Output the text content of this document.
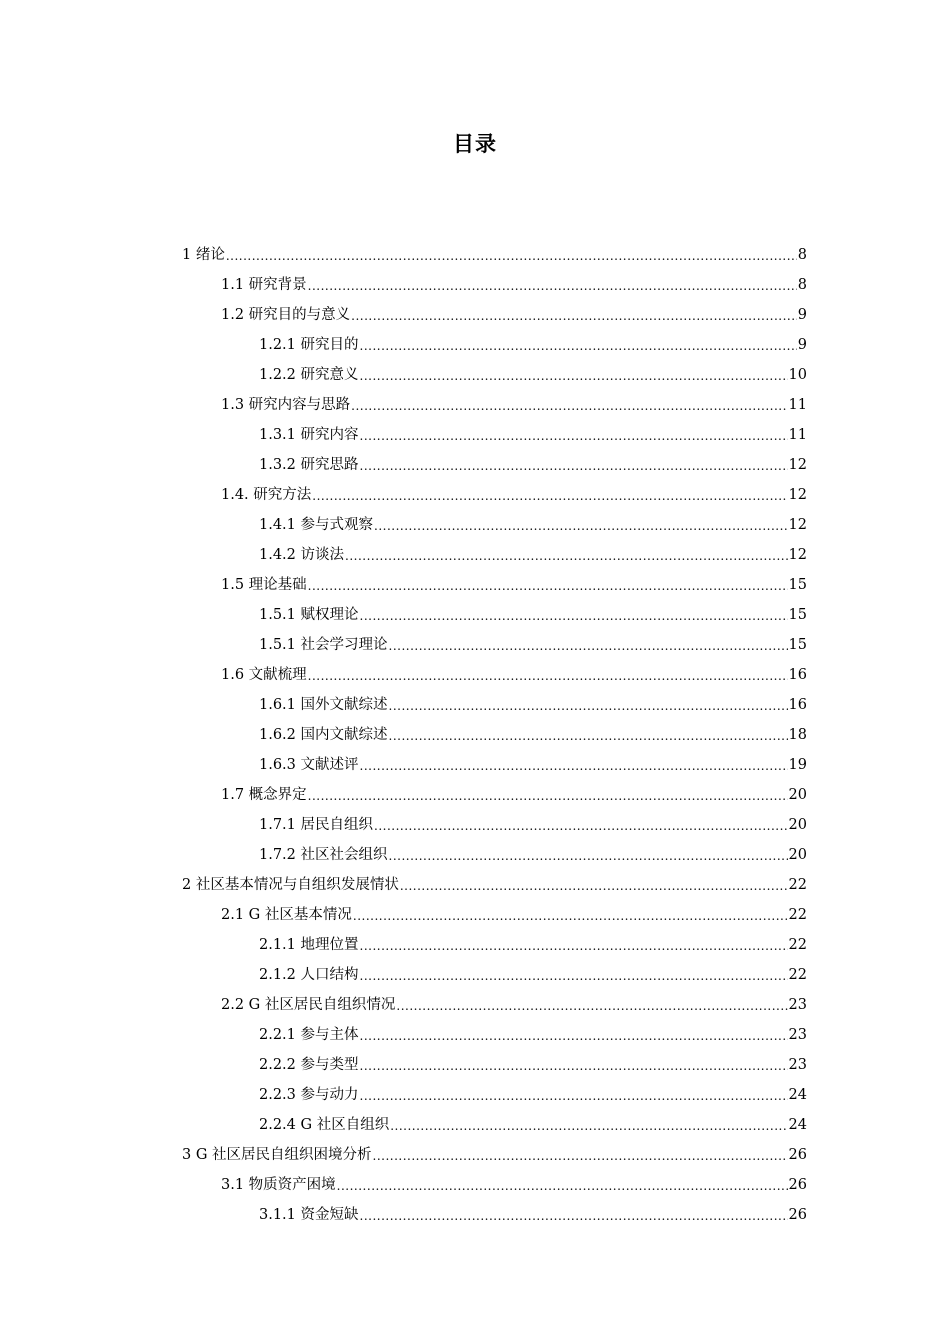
目录
1 绪论 .....	8
1.1 研究背景 .....	8
1.2 研究目的与意义 .....	9
1.2.1 研究目的 .....	9
1.2.2 研究意义 .....	10
1.3 研究内容与思路 .....	11
1.3.1 研究内容 .....	11
1.3.2 研究思路 .....	12
1.4. 研究方法 .....	12
1.4.1 参与式观察 .....	12
1.4.2 访谈法 .....	12
1.5 理论基础 .....	15
1.5.1 赋权理论 .....	15
1.5.1 社会学习理论 .....	15
1.6 文献梳理 .....	16
1.6.1 国外文献综述 .....	16
1.6.2 国内文献综述 .....	18
1.6.3 文献述评 .....	19
1.7 概念界定 .....	20
1.7.1 居民自组织 .....	20
1.7.2 社区社会组织 .....	20
2 社区基本情况与自组织发展情状 .....	22
2.1 G 社区基本情况 .....	22
2.1.1 地理位置 .....	22
2.1.2 人口结构 .....	22
2.2 G 社区居民自组织情况 .....	23
2.2.1 参与主体 .....	23
2.2.2 参与类型 .....	23
2.2.3 参与动力 .....	24
2.2.4 G 社区自组织 .....	24
3 G 社区居民自组织困境分析 .....	26
3.1 物质资产困境 .....	26
3.1.1 资金短缺 .....	26
